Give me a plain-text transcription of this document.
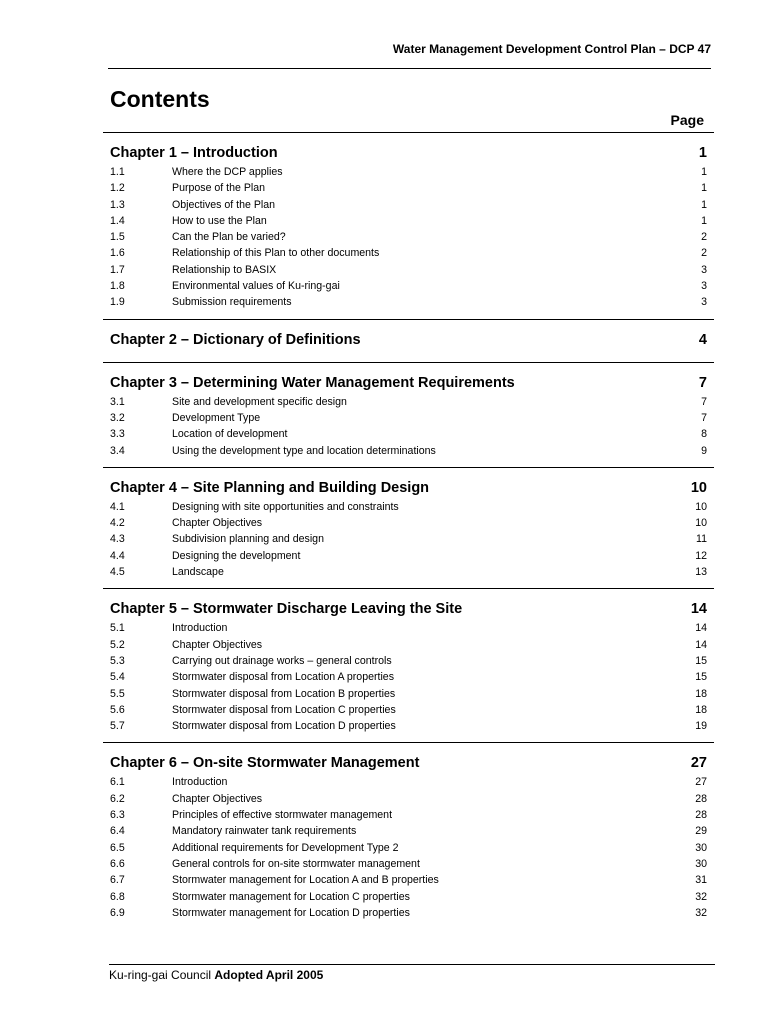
Water Management Development Control Plan – DCP 47
Contents
Page
Chapter 1 – Introduction	1
1.1	Where the DCP applies	1
1.2	Purpose of the Plan	1
1.3	Objectives of the Plan	1
1.4	How to use the Plan	1
1.5	Can the Plan be varied?	2
1.6	Relationship of this Plan to other documents	2
1.7	Relationship to BASIX	3
1.8	Environmental values of Ku-ring-gai	3
1.9	Submission requirements	3
Chapter 2 – Dictionary of Definitions	4
Chapter 3 – Determining Water Management Requirements	7
3.1	Site and development specific design	7
3.2	Development Type	7
3.3	Location of development	8
3.4	Using the development type and location determinations	9
Chapter 4 – Site Planning and Building Design	10
4.1	Designing with site opportunities and constraints	10
4.2	Chapter Objectives	10
4.3	Subdivision planning and design	11
4.4	Designing the development	12
4.5	Landscape	13
Chapter 5 – Stormwater Discharge Leaving the Site	14
5.1	Introduction	14
5.2	Chapter Objectives	14
5.3	Carrying out drainage works – general controls	15
5.4	Stormwater disposal from Location A properties	15
5.5	Stormwater disposal from Location B properties	18
5.6	Stormwater disposal from Location C properties	18
5.7	Stormwater disposal from Location D properties	19
Chapter 6 – On-site Stormwater Management	27
6.1	Introduction	27
6.2	Chapter Objectives	28
6.3	Principles of effective stormwater management	28
6.4	Mandatory rainwater tank requirements	29
6.5	Additional requirements for Development Type 2	30
6.6	General controls for on-site stormwater management	30
6.7	Stormwater management for Location A and B properties	31
6.8	Stormwater management for Location C properties	32
6.9	Stormwater management for Location D properties	32
Ku-ring-gai Council Adopted April 2005
